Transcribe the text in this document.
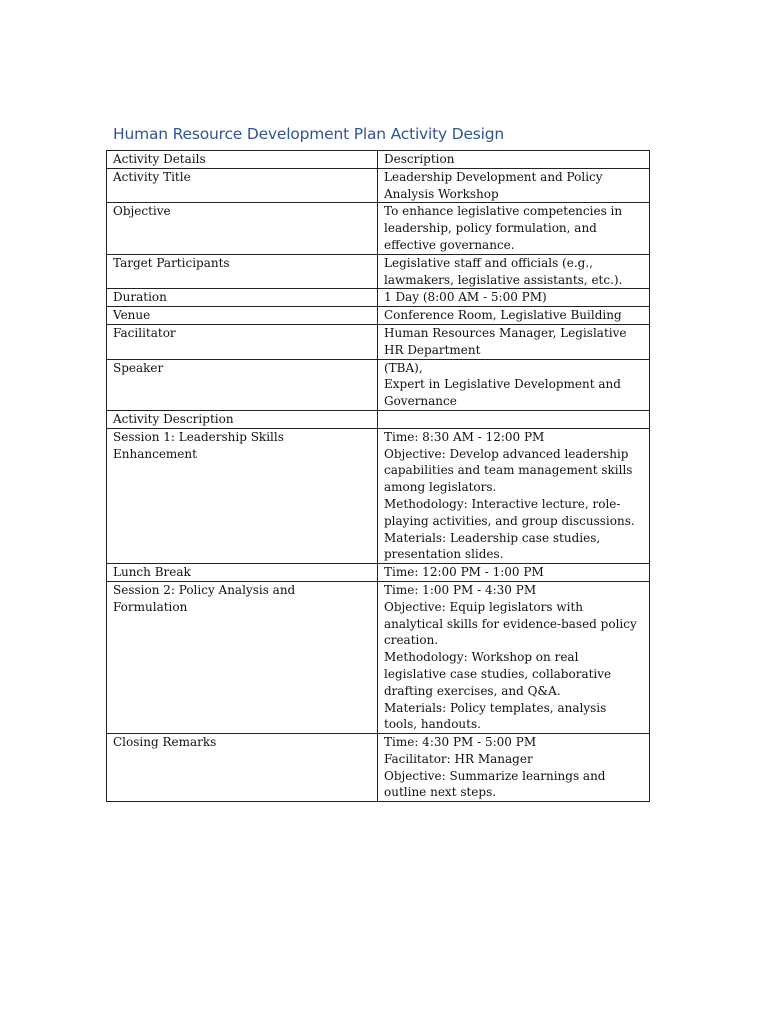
Human Resource Development Plan Activity Design
Activity Details	Description

Activity Title	Leadership Development and Policy Analysis Workshop

Objective	To enhance legislative competencies in leadership, policy formulation, and effective governance.

Target Participants	Legislative staff and officials (e.g., lawmakers, legislative assistants, etc.).

Duration	1 Day (8:00 AM - 5:00 PM)

Venue	Conference Room, Legislative Building

Facilitator	Human Resources Manager, Legislative HR Department

Speaker	(TBA),
Expert in Legislative Development and Governance

Activity Description	

Session 1: Leadership Skills Enhancement	Time: 8:30 AM - 12:00 PM
Objective: Develop advanced leadership capabilities and team management skills among legislators.
Methodology: Interactive lecture, role-playing activities, and group discussions.
Materials: Leadership case studies, presentation slides.

Lunch Break	Time: 12:00 PM - 1:00 PM

Session 2: Policy Analysis and Formulation	Time: 1:00 PM - 4:30 PM
Objective: Equip legislators with analytical skills for evidence-based policy creation.
Methodology: Workshop on real legislative case studies, collaborative drafting exercises, and Q&A.
Materials: Policy templates, analysis tools, handouts.

Closing Remarks	Time: 4:30 PM - 5:00 PM
Facilitator: HR Manager
Objective: Summarize learnings and outline next steps.
